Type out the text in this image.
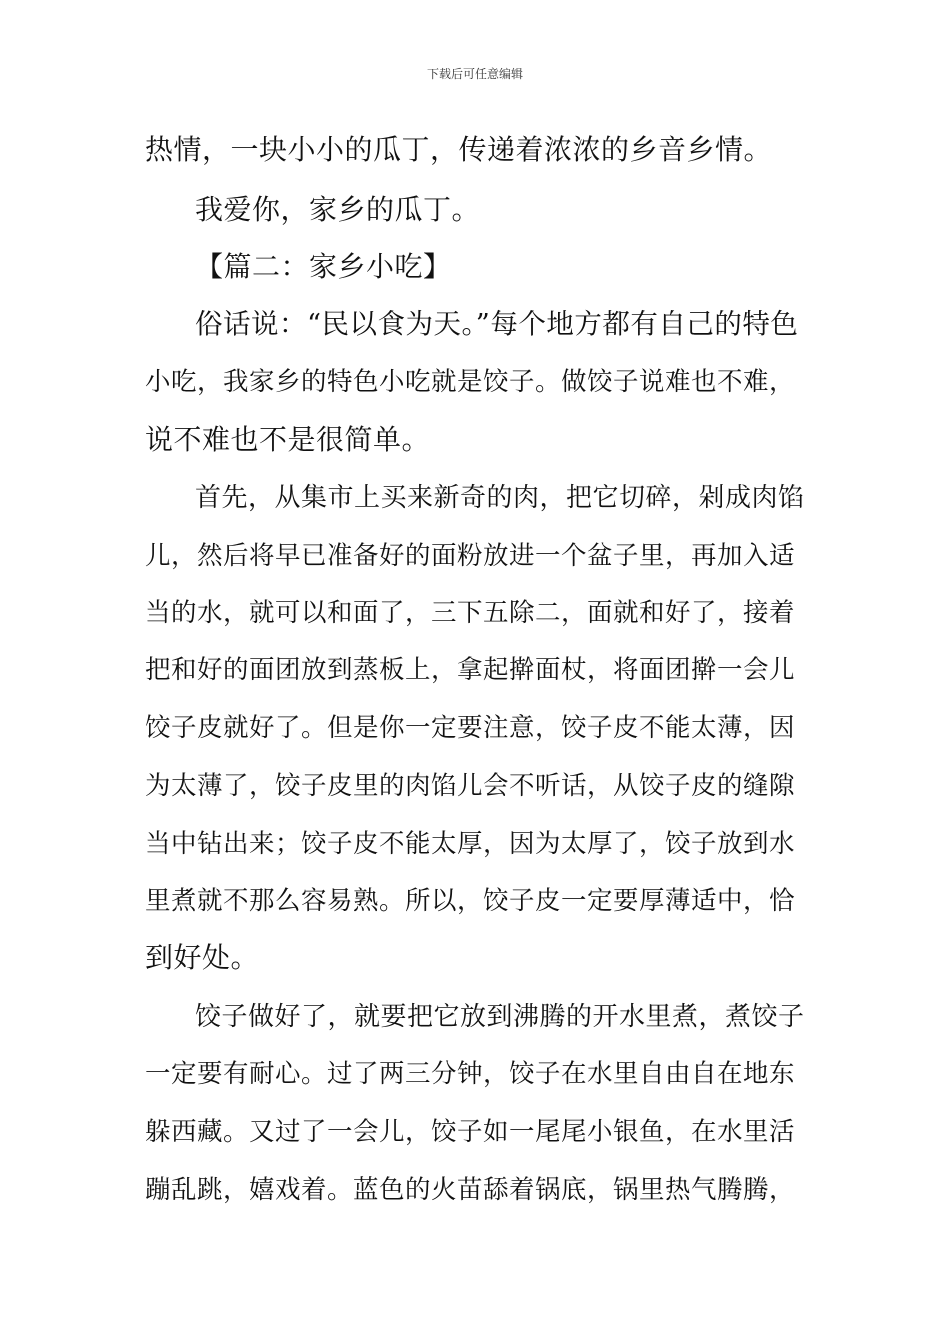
下载后可任意编辑
热情，一块小小的瓜丁，传递着浓浓的乡音乡情。
我爱你，家乡的瓜丁。
【篇二：家乡小吃】
俗话说：“民以食为天。”每个地方都有自己的特色
小吃，我家乡的特色小吃就是饺子。做饺子说难也不难，
说不难也不是很简单。
首先，从集市上买来新奇的肉，把它切碎，剁成肉馅
儿，然后将早已准备好的面粉放进一个盆子里，再加入适
当的水，就可以和面了，三下五除二，面就和好了，接着
把和好的面团放到蒸板上，拿起擀面杖，将面团擀一会儿
饺子皮就好了。但是你一定要注意，饺子皮不能太薄，因
为太薄了，饺子皮里的肉馅儿会不听话，从饺子皮的缝隙
当中钻出来；饺子皮不能太厚，因为太厚了，饺子放到水
里煮就不那么容易熟。所以，饺子皮一定要厚薄适中，恰
到好处。
饺子做好了，就要把它放到沸腾的开水里煮，煮饺子
一定要有耐心。过了两三分钟，饺子在水里自由自在地东
躲西藏。又过了一会儿，饺子如一尾尾小银鱼，在水里活
蹦乱跳，嬉戏着。蓝色的火苗舔着锅底，锅里热气腾腾，
